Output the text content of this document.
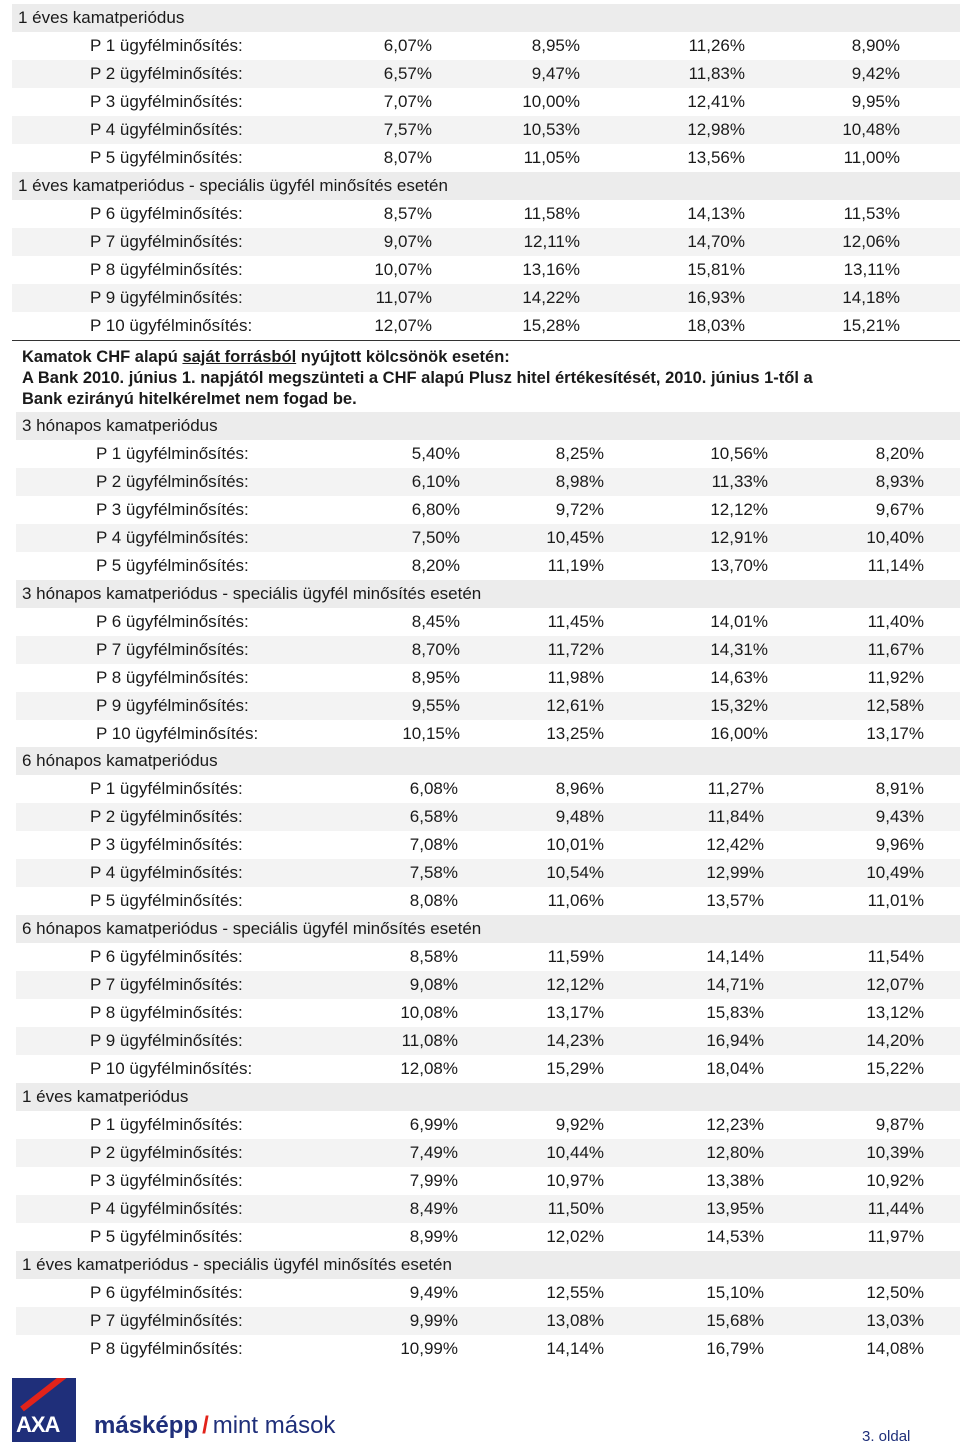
1 éves kamatperiódus
P 1 ügyfélminősítés:	6,07%	8,95%	11,26%	8,90%
P 2 ügyfélminősítés:	6,57%	9,47%	11,83%	9,42%
P 3 ügyfélminősítés:	7,07%	10,00%	12,41%	9,95%
P 4 ügyfélminősítés:	7,57%	10,53%	12,98%	10,48%
P 5 ügyfélminősítés:	8,07%	11,05%	13,56%	11,00%
1 éves kamatperiódus - speciális ügyfél minősítés esetén
P 6 ügyfélminősítés:	8,57%	11,58%	14,13%	11,53%
P 7 ügyfélminősítés:	9,07%	12,11%	14,70%	12,06%
P 8 ügyfélminősítés:	10,07%	13,16%	15,81%	13,11%
P 9 ügyfélminősítés:	11,07%	14,22%	16,93%	14,18%
P 10 ügyfélminősítés:	12,07%	15,28%	18,03%	15,21%
Kamatok CHF alapú saját forrásból nyújtott kölcsönök esetén:
A Bank 2010. június 1. napjától megszünteti a CHF alapú Plusz hitel értékesítését, 2010. június 1-től a
Bank ezirányú hitelkérelmet nem fogad be.
3 hónapos kamatperiódus
P 1 ügyfélminősítés:	5,40%	8,25%	10,56%	8,20%
P 2 ügyfélminősítés:	6,10%	8,98%	11,33%	8,93%
P 3 ügyfélminősítés:	6,80%	9,72%	12,12%	9,67%
P 4 ügyfélminősítés:	7,50%	10,45%	12,91%	10,40%
P 5 ügyfélminősítés:	8,20%	11,19%	13,70%	11,14%
3 hónapos kamatperiódus - speciális ügyfél minősítés esetén
P 6 ügyfélminősítés:	8,45%	11,45%	14,01%	11,40%
P 7 ügyfélminősítés:	8,70%	11,72%	14,31%	11,67%
P 8 ügyfélminősítés:	8,95%	11,98%	14,63%	11,92%
P 9 ügyfélminősítés:	9,55%	12,61%	15,32%	12,58%
P 10 ügyfélminősítés:	10,15%	13,25%	16,00%	13,17%
6 hónapos kamatperiódus
P 1 ügyfélminősítés:	6,08%	8,96%	11,27%	8,91%
P 2 ügyfélminősítés:	6,58%	9,48%	11,84%	9,43%
P 3 ügyfélminősítés:	7,08%	10,01%	12,42%	9,96%
P 4 ügyfélminősítés:	7,58%	10,54%	12,99%	10,49%
P 5 ügyfélminősítés:	8,08%	11,06%	13,57%	11,01%
6 hónapos kamatperiódus - speciális ügyfél minősítés esetén
P 6 ügyfélminősítés:	8,58%	11,59%	14,14%	11,54%
P 7 ügyfélminősítés:	9,08%	12,12%	14,71%	12,07%
P 8 ügyfélminősítés:	10,08%	13,17%	15,83%	13,12%
P 9 ügyfélminősítés:	11,08%	14,23%	16,94%	14,20%
P 10 ügyfélminősítés:	12,08%	15,29%	18,04%	15,22%
1 éves kamatperiódus
P 1 ügyfélminősítés:	6,99%	9,92%	12,23%	9,87%
P 2 ügyfélminősítés:	7,49%	10,44%	12,80%	10,39%
P 3 ügyfélminősítés:	7,99%	10,97%	13,38%	10,92%
P 4 ügyfélminősítés:	8,49%	11,50%	13,95%	11,44%
P 5 ügyfélminősítés:	8,99%	12,02%	14,53%	11,97%
1 éves kamatperiódus - speciális ügyfél minősítés esetén
P 6 ügyfélminősítés:	9,49%	12,55%	15,10%	12,50%
P 7 ügyfélminősítés:	9,99%	13,08%	15,68%	13,03%
P 8 ügyfélminősítés:	10,99%	14,14%	16,79%	14,08%
AXA másképp / mint mások	3. oldal
